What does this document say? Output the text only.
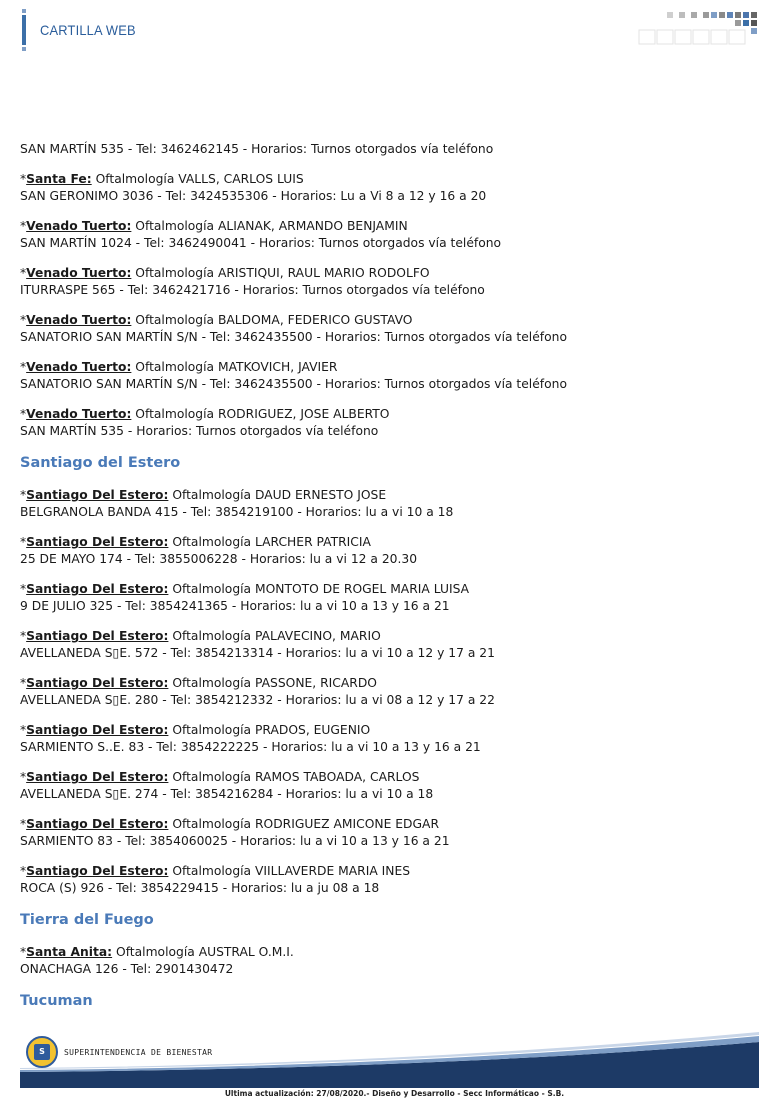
CARTILLA WEB
SAN MARTÍN 535 - Tel: 3462462145 - Horarios: Turnos otorgados vía teléfono
*Santa Fe: Oftalmología VALLS, CARLOS LUIS
SAN GERONIMO 3036 - Tel: 3424535306 - Horarios: Lu a Vi 8 a 12 y 16 a 20
*Venado Tuerto: Oftalmología ALIANAK, ARMANDO BENJAMIN
SAN MARTÍN 1024 - Tel: 3462490041 - Horarios: Turnos otorgados vía teléfono
*Venado Tuerto: Oftalmología ARISTIQUI, RAUL MARIO RODOLFO
ITURRASPE 565 - Tel: 3462421716 - Horarios: Turnos otorgados vía teléfono
*Venado Tuerto: Oftalmología BALDOMA, FEDERICO GUSTAVO
SANATORIO SAN MARTÍN S/N - Tel: 3462435500 - Horarios: Turnos otorgados vía teléfono
*Venado Tuerto: Oftalmología MATKOVICH, JAVIER
SANATORIO SAN MARTÍN S/N - Tel: 3462435500 - Horarios: Turnos otorgados vía teléfono
*Venado Tuerto: Oftalmología RODRIGUEZ, JOSE ALBERTO
SAN MARTÍN 535 - Horarios: Turnos otorgados vía teléfono
Santiago del Estero
*Santiago Del Estero: Oftalmología DAUD ERNESTO JOSE
BELGRANOLA BANDA 415 - Tel: 3854219100 - Horarios: lu a vi 10 a 18
*Santiago Del Estero: Oftalmología LARCHER PATRICIA
25 DE MAYO 174 - Tel: 3855006228 - Horarios: lu a vi 12 a 20.30
*Santiago Del Estero: Oftalmología MONTOTO DE ROGEL MARIA LUISA
9 DE JULIO 325 - Tel: 3854241365 - Horarios: lu a vi 10 a 13 y 16 a 21
*Santiago Del Estero: Oftalmología PALAVECINO, MARIO
AVELLANEDA S▯E. 572 - Tel: 3854213314 - Horarios: lu a vi 10 a 12 y 17 a 21
*Santiago Del Estero: Oftalmología PASSONE, RICARDO
AVELLANEDA S▯E. 280 - Tel: 3854212332 - Horarios: lu a vi 08 a 12 y 17 a 22
*Santiago Del Estero: Oftalmología PRADOS, EUGENIO
SARMIENTO S..E. 83 - Tel: 3854222225 - Horarios: lu a vi 10 a 13 y 16 a 21
*Santiago Del Estero: Oftalmología RAMOS TABOADA, CARLOS
AVELLANEDA S▯E. 274 - Tel: 3854216284 - Horarios: lu a vi 10 a 18
*Santiago Del Estero: Oftalmología RODRIGUEZ AMICONE EDGAR
SARMIENTO 83 - Tel: 3854060025 - Horarios: lu a vi 10 a 13 y 16 a 21
*Santiago Del Estero: Oftalmología VIILLAVERDE MARIA INES
ROCA (S) 926 - Tel: 3854229415 - Horarios: lu a ju 08 a 18
Tierra del Fuego
*Santa Anita: Oftalmología AUSTRAL O.M.I.
ONACHAGA 126 - Tel: 2901430472
Tucuman
S	SUPERINTENDENCIA DE BIENESTAR
Ultima actualización: 27/08/2020.- Diseño y Desarrollo - Secc Informáticao - S.B.
